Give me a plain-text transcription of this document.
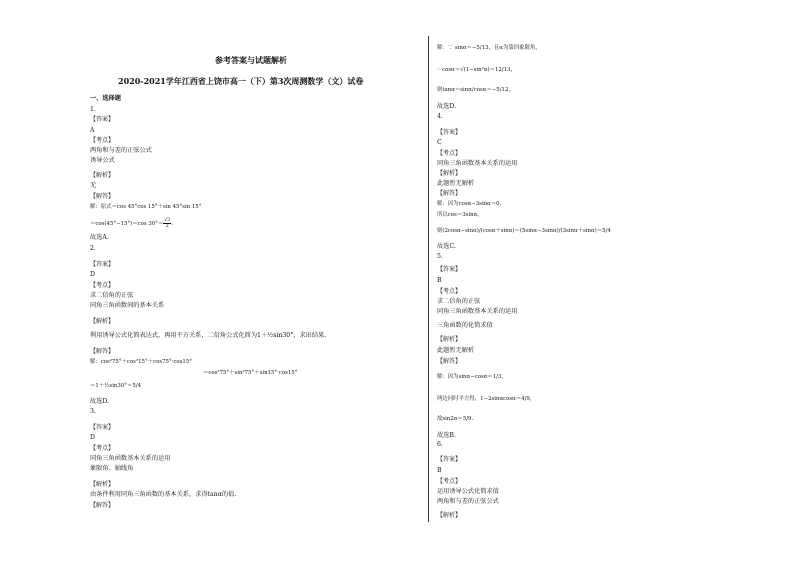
参考答案与试题解析
2020-2021学年江西省上饶市高一（下）第3次周测数学（文）试卷
一、选择题
1.
【答案】
A
【考点】
两角和与差的正弦公式
诱导公式
【解析】
无
【解答】
解：原式＝cos 45°cos 15°＋sin 45°sin 15°
＝cos(45°−15°)＝cos $30^\circ= \frac{√3}{2}$ .
故选A.
2.
【答案】
D
【考点】
求二倍角的正弦
同角三角函数间的基本关系
【解析】
利用诱导公式化简表达式，再用平方关系，二倍角公式化简为1＋½sin30°，求出结果.
【解答】
解：cos²75°＋cos²15°＋cos75°·cos15°
＝cos²75°＋sin²75°＋sin15°·cos15°
＝1＋½sin30°＝5/4
故选D.
3.
【答案】
D
【考点】
同角三角函数基本关系的运用
象限角、轴线角
【解析】
由条件利用同角三角函数的基本关系，求得tanα的值.
【解答】
解：∵ sinα＝−5/13，且α为第四象限角，
∴ cosα＝√(1−sin²α)＝12/13，
则tanα＝sinα/cosα＝−5/12，
故选D.
4.
【答案】
C
【考点】
同角三角函数基本关系的运用
【解析】
此题暂无解析
【解答】
解：因为cosα−3sinα＝0，
所以cos＝3sinα，
则(2cosα−sinα)/(cosα＋sinα)＝(5sinα−3sinα)/(3sinα＋sinα)＝5/4
故选C.
5.
【答案】
B
【考点】
求二倍角的正弦
同角三角函数基本关系的运用
三角函数的化简求值
【解析】
此题暂无解析
【解答】
解：因为sinα−cosα＝1/3，
两边同时平方得，1−2sinαcosα＝4/9，
故sin2α＝5/9.
故选B.
6.
【答案】
B
【考点】
运用诱导公式化简求值
两角和与差的正弦公式
【解析】
